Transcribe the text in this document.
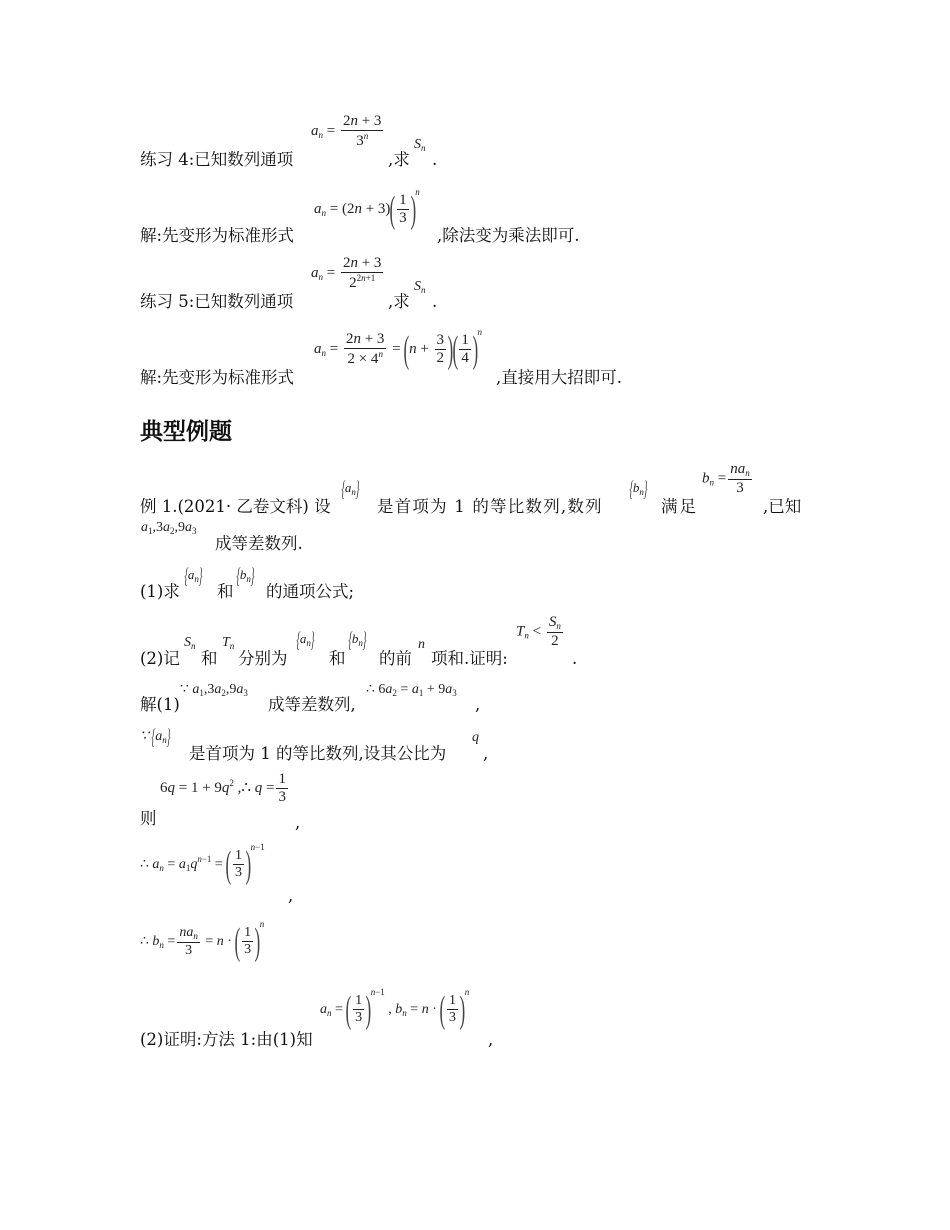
练习 4:已知数列通项
$a_n = \frac{2n + 3}{3^n}$
,求
$S_n$
.
解:先变形为标准形式
$a_n = (2n + 3)( \frac{1}{3} )^n$
,除法变为乘法即可.
练习 5:已知数列通项
$a_n = \frac{2n + 3}{2^{2n+1}}$
,求
$S_n$
.
解:先变形为标准形式
$a_n = \frac{2n + 3}{2 \times 4^n} = (n + \frac{3}{2}$ )( $\frac{1}{4} )^n$
,直接用大招即可.
典型例题
例 1.(2021· 乙卷文科) 设
$\{a_n\}$
是首项为 1 的等比数列,数列
$\{b_n\}$
满足
$b_n = \frac{na_n}{3}$
,已知
$a_1,3a_2,9a_3$
成等差数列.
(1)求
$\{a_n\}$
和
$\{b_n\}$
的通项公式;
(2)记
$S_n$
和
$T_n$
分别为
$\{a_n\}$
和
$\{b_n\}$
的前
n
项和.证明:
$T_n < \frac{S_n}{2}$
.
解(1)
∵ $a_1,3a_2,9a_3$
成等差数列,
∴ $6a_2 = a_1 + 9a_3$
,
∵ $\{a_n\}$
是首项为 1 的等比数列,设其公比为
q
,
$6q = 1 + 9q^2$ ,∴ $q = \frac{1}{3}$
则	,
∴ $a_n = a_1q^{n-1}$ = ( $\frac{1}{3} )^{n-1}$
,
∴ $b_n = \frac{na_n}{3} = n$ · ( $\frac{1}{3} )^n$
(2)证明:方法 1:由(1)知
$a_n$ = ( $\frac{1}{3} )^{n-1}$ , $b_n = n$ · ( $\frac{1}{3} )^n$
,
